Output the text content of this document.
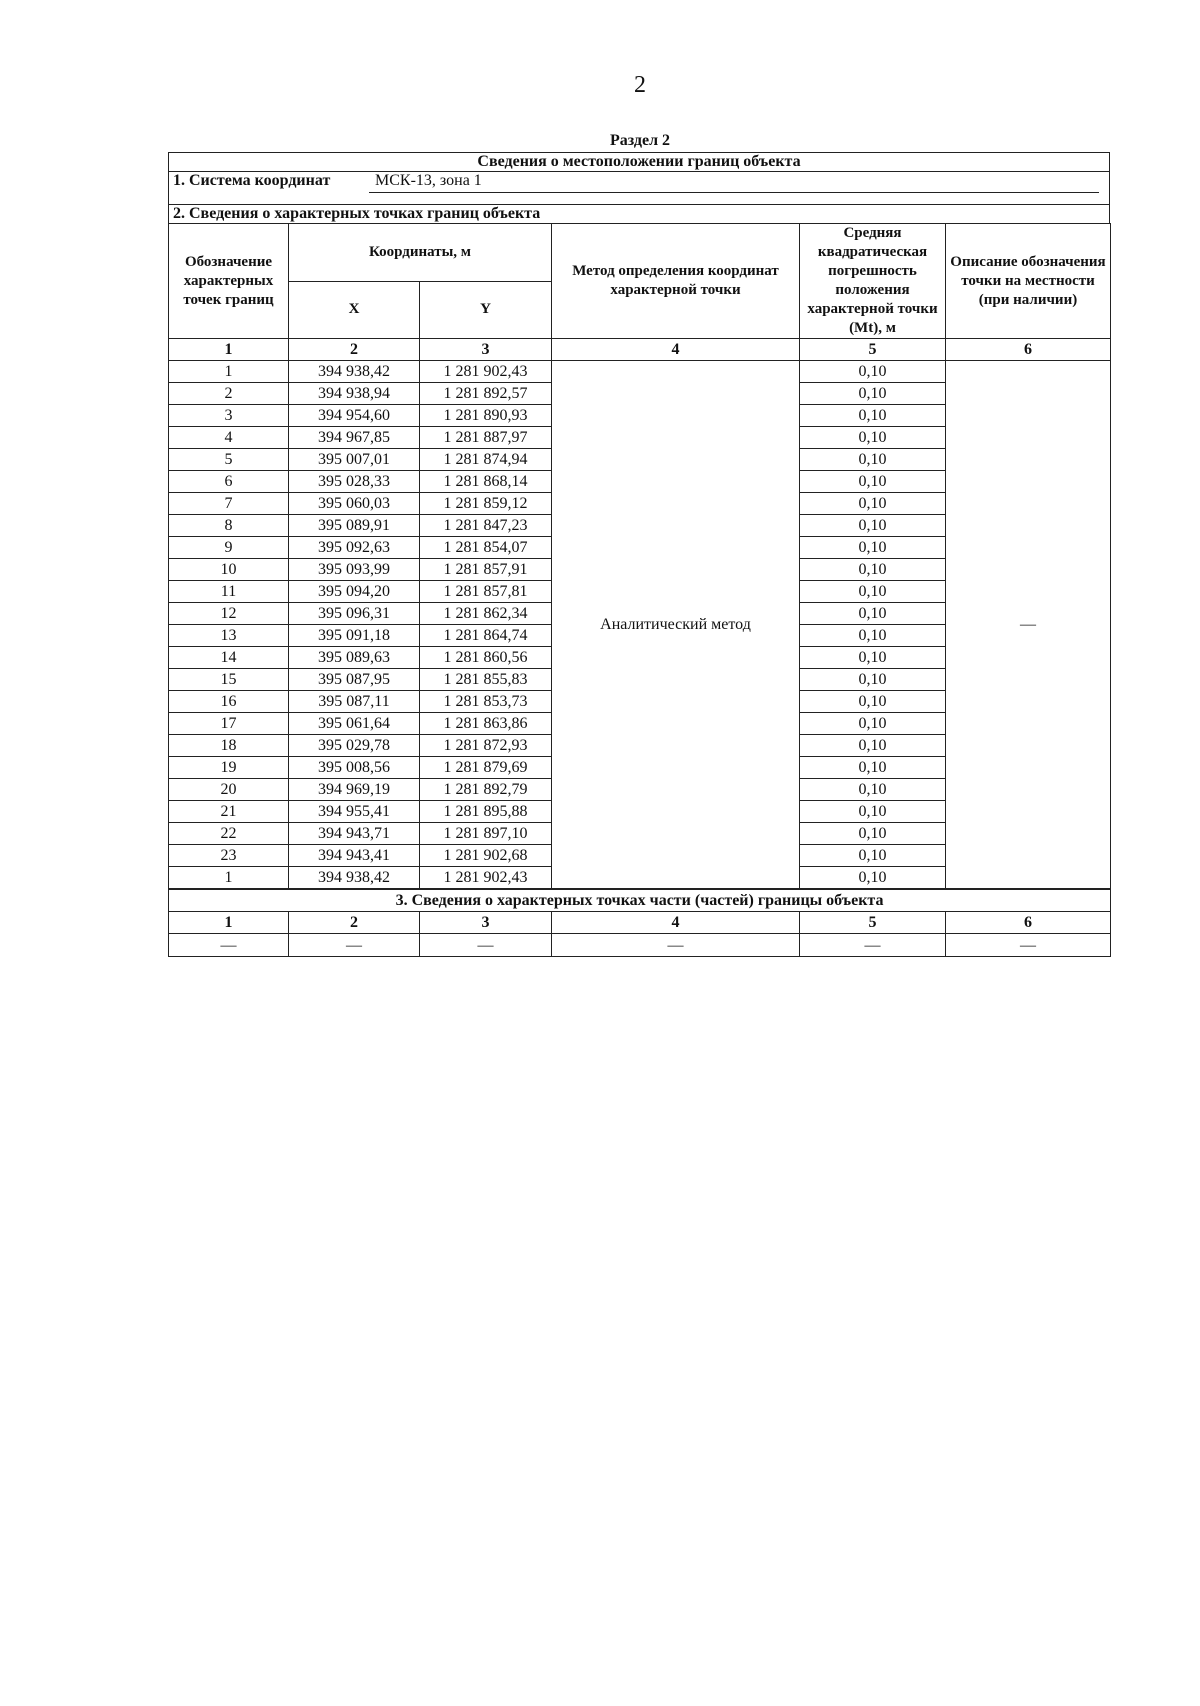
2
Раздел 2
Сведения о местоположении границ объекта
1. Система координат	МСК-13, зона 1
2. Сведения о характерных точках границ объекта
Обозначение характерных точек границ	Координаты, м		Метод определения координат характерной точки	Средняя квадратическая погрешность положения характерной точки (Mt), м	Описание обозначения точки на местности (при наличии)
	X	Y			
1	2	3	4	5	6
1	394 938,42	1 281 902,43	Аналитический метод	0,10	—
2	394 938,94	1 281 892,57		0,10	
3	394 954,60	1 281 890,93		0,10	
4	394 967,85	1 281 887,97		0,10	
5	395 007,01	1 281 874,94		0,10	
6	395 028,33	1 281 868,14		0,10	
7	395 060,03	1 281 859,12		0,10	
8	395 089,91	1 281 847,23		0,10	
9	395 092,63	1 281 854,07		0,10	
10	395 093,99	1 281 857,91		0,10	
11	395 094,20	1 281 857,81		0,10	
12	395 096,31	1 281 862,34		0,10	
13	395 091,18	1 281 864,74		0,10	
14	395 089,63	1 281 860,56		0,10	
15	395 087,95	1 281 855,83		0,10	
16	395 087,11	1 281 853,73		0,10	
17	395 061,64	1 281 863,86		0,10	
18	395 029,78	1 281 872,93		0,10	
19	395 008,56	1 281 879,69		0,10	
20	394 969,19	1 281 892,79		0,10	
21	394 955,41	1 281 895,88		0,10	
22	394 943,71	1 281 897,10		0,10	
23	394 943,41	1 281 902,68		0,10	
1	394 938,42	1 281 902,43		0,10	
3. Сведения о характерных точках части (частей) границы объекта					
1	2	3	4	5	6
—	—	—	—	—	—
